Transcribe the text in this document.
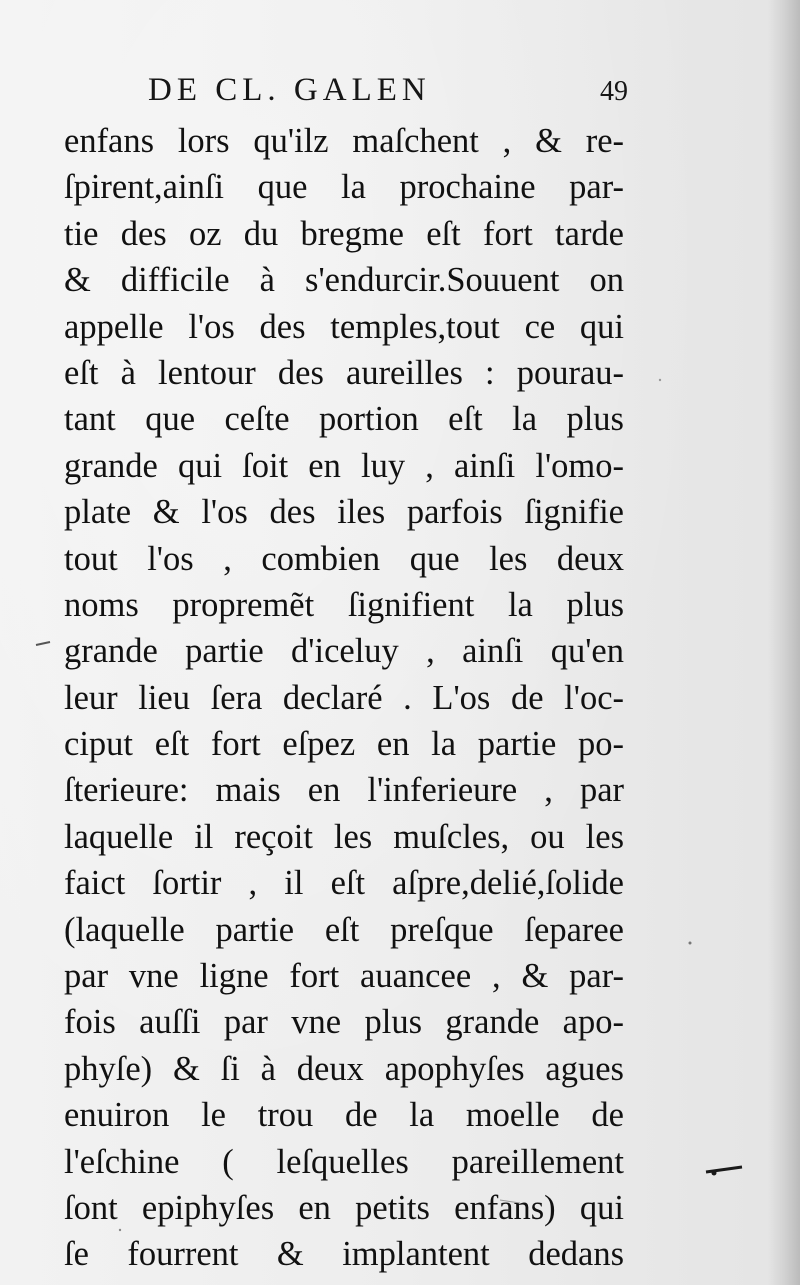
DE CL. GALEN	49
enfans lors qu'ilz maſchent , & re-
ſpirent,ainſi que la prochaine par-
tie des oz du bregme eſt fort tarde
& difficile à s'endurcir.Souuent on
appelle l'os des temples,tout ce qui
eſt à lentour des aureilles : pourau-
tant que ceſte portion eſt la plus
grande qui ſoit en luy , ainſi l'omo-
plate & l'os des iles parfois ſignifie
tout l'os , combien que les deux
noms propremẽt ſignifient la plus
grande partie d'iceluy , ainſi qu'en
leur lieu ſera declaré . L'os de l'oc-
ciput eſt fort eſpez en la partie po-
ſterieure: mais en l'inferieure , par
laquelle il reçoit les muſcles, ou les
faict ſortir , il eſt aſpre,delié,ſolide
(laquelle partie eſt preſque ſeparee
par vne ligne fort auancee , & par-
fois auſſi par vne plus grande apo-
phyſe) & ſi à deux apophyſes agues
enuiron le trou de la moelle de
l'eſchine ( leſquelles pareillement
ſont epiphyſes en petits enfans) qui
ſe fourrent & implantent dedans
